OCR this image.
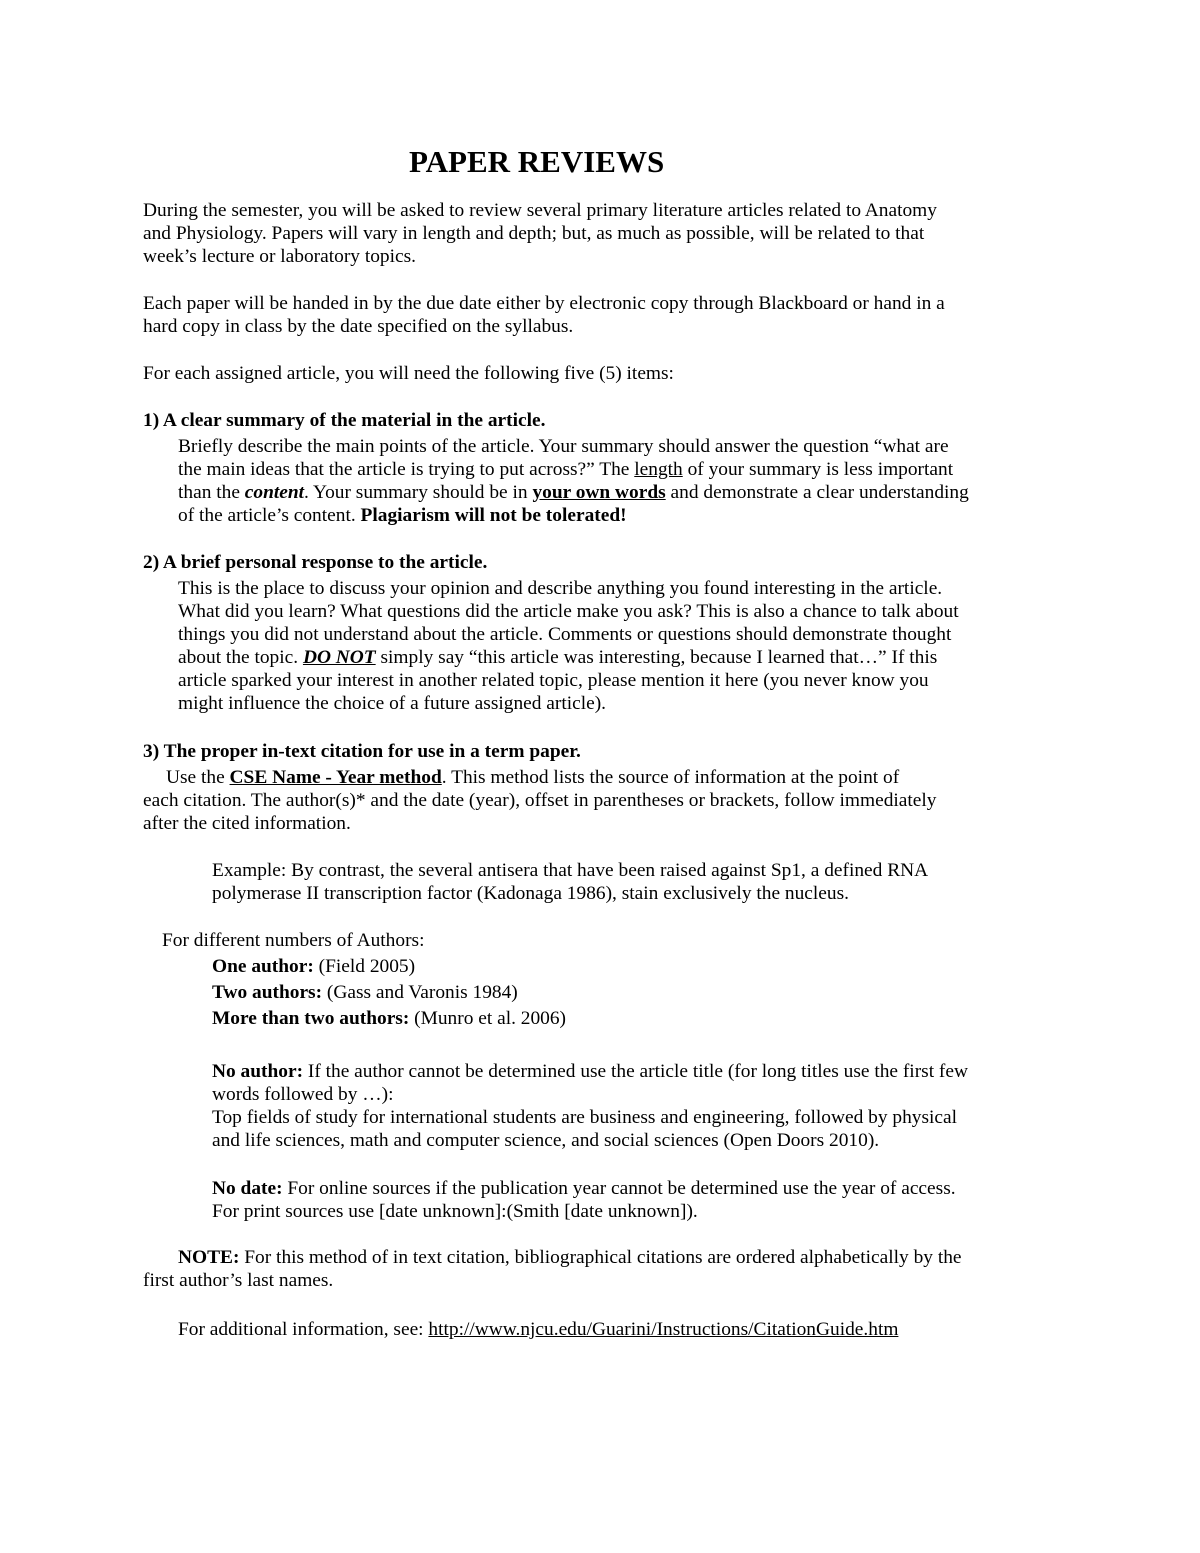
PAPER REVIEWS
During the semester, you will be asked to review several primary literature articles related to Anatomy
and Physiology. Papers will vary in length and depth; but, as much as possible, will be related to that
week’s lecture or laboratory topics.
Each paper will be handed in by the due date either by electronic copy through Blackboard or hand in a
hard copy in class by the date specified on the syllabus.
For each assigned article, you will need the following five (5) items:
1) A clear summary of the material in the article.
Briefly describe the main points of the article. Your summary should answer the question “what are
the main ideas that the article is trying to put across?” The length of your summary is less important
than the content. Your summary should be in your own words and demonstrate a clear understanding
of the article’s content. Plagiarism will not be tolerated!
2) A brief personal response to the article.
This is the place to discuss your opinion and describe anything you found interesting in the article.
What did you learn? What questions did the article make you ask? This is also a chance to talk about
things you did not understand about the article. Comments or questions should demonstrate thought
about the topic. DO NOT simply say “this article was interesting, because I learned that…” If this
article sparked your interest in another related topic, please mention it here (you never know you
might influence the choice of a future assigned article).
3) The proper in-text citation for use in a term paper.
Use the CSE Name - Year method. This method lists the source of information at the point of
each citation. The author(s)* and the date (year), offset in parentheses or brackets, follow immediately
after the cited information.
Example: By contrast, the several antisera that have been raised against Sp1, a defined RNA
polymerase II transcription factor (Kadonaga 1986), stain exclusively the nucleus.
For different numbers of Authors:
One author: (Field 2005)
Two authors: (Gass and Varonis 1984)
More than two authors: (Munro et al. 2006)
No author: If the author cannot be determined use the article title (for long titles use the first few
words followed by …):
Top fields of study for international students are business and engineering, followed by physical
and life sciences, math and computer science, and social sciences (Open Doors 2010).
No date: For online sources if the publication year cannot be determined use the year of access.
For print sources use [date unknown]:(Smith [date unknown]).
NOTE: For this method of in text citation, bibliographical citations are ordered alphabetically by the
first author’s last names.
For additional information, see: http://www.njcu.edu/Guarini/Instructions/CitationGuide.htm
